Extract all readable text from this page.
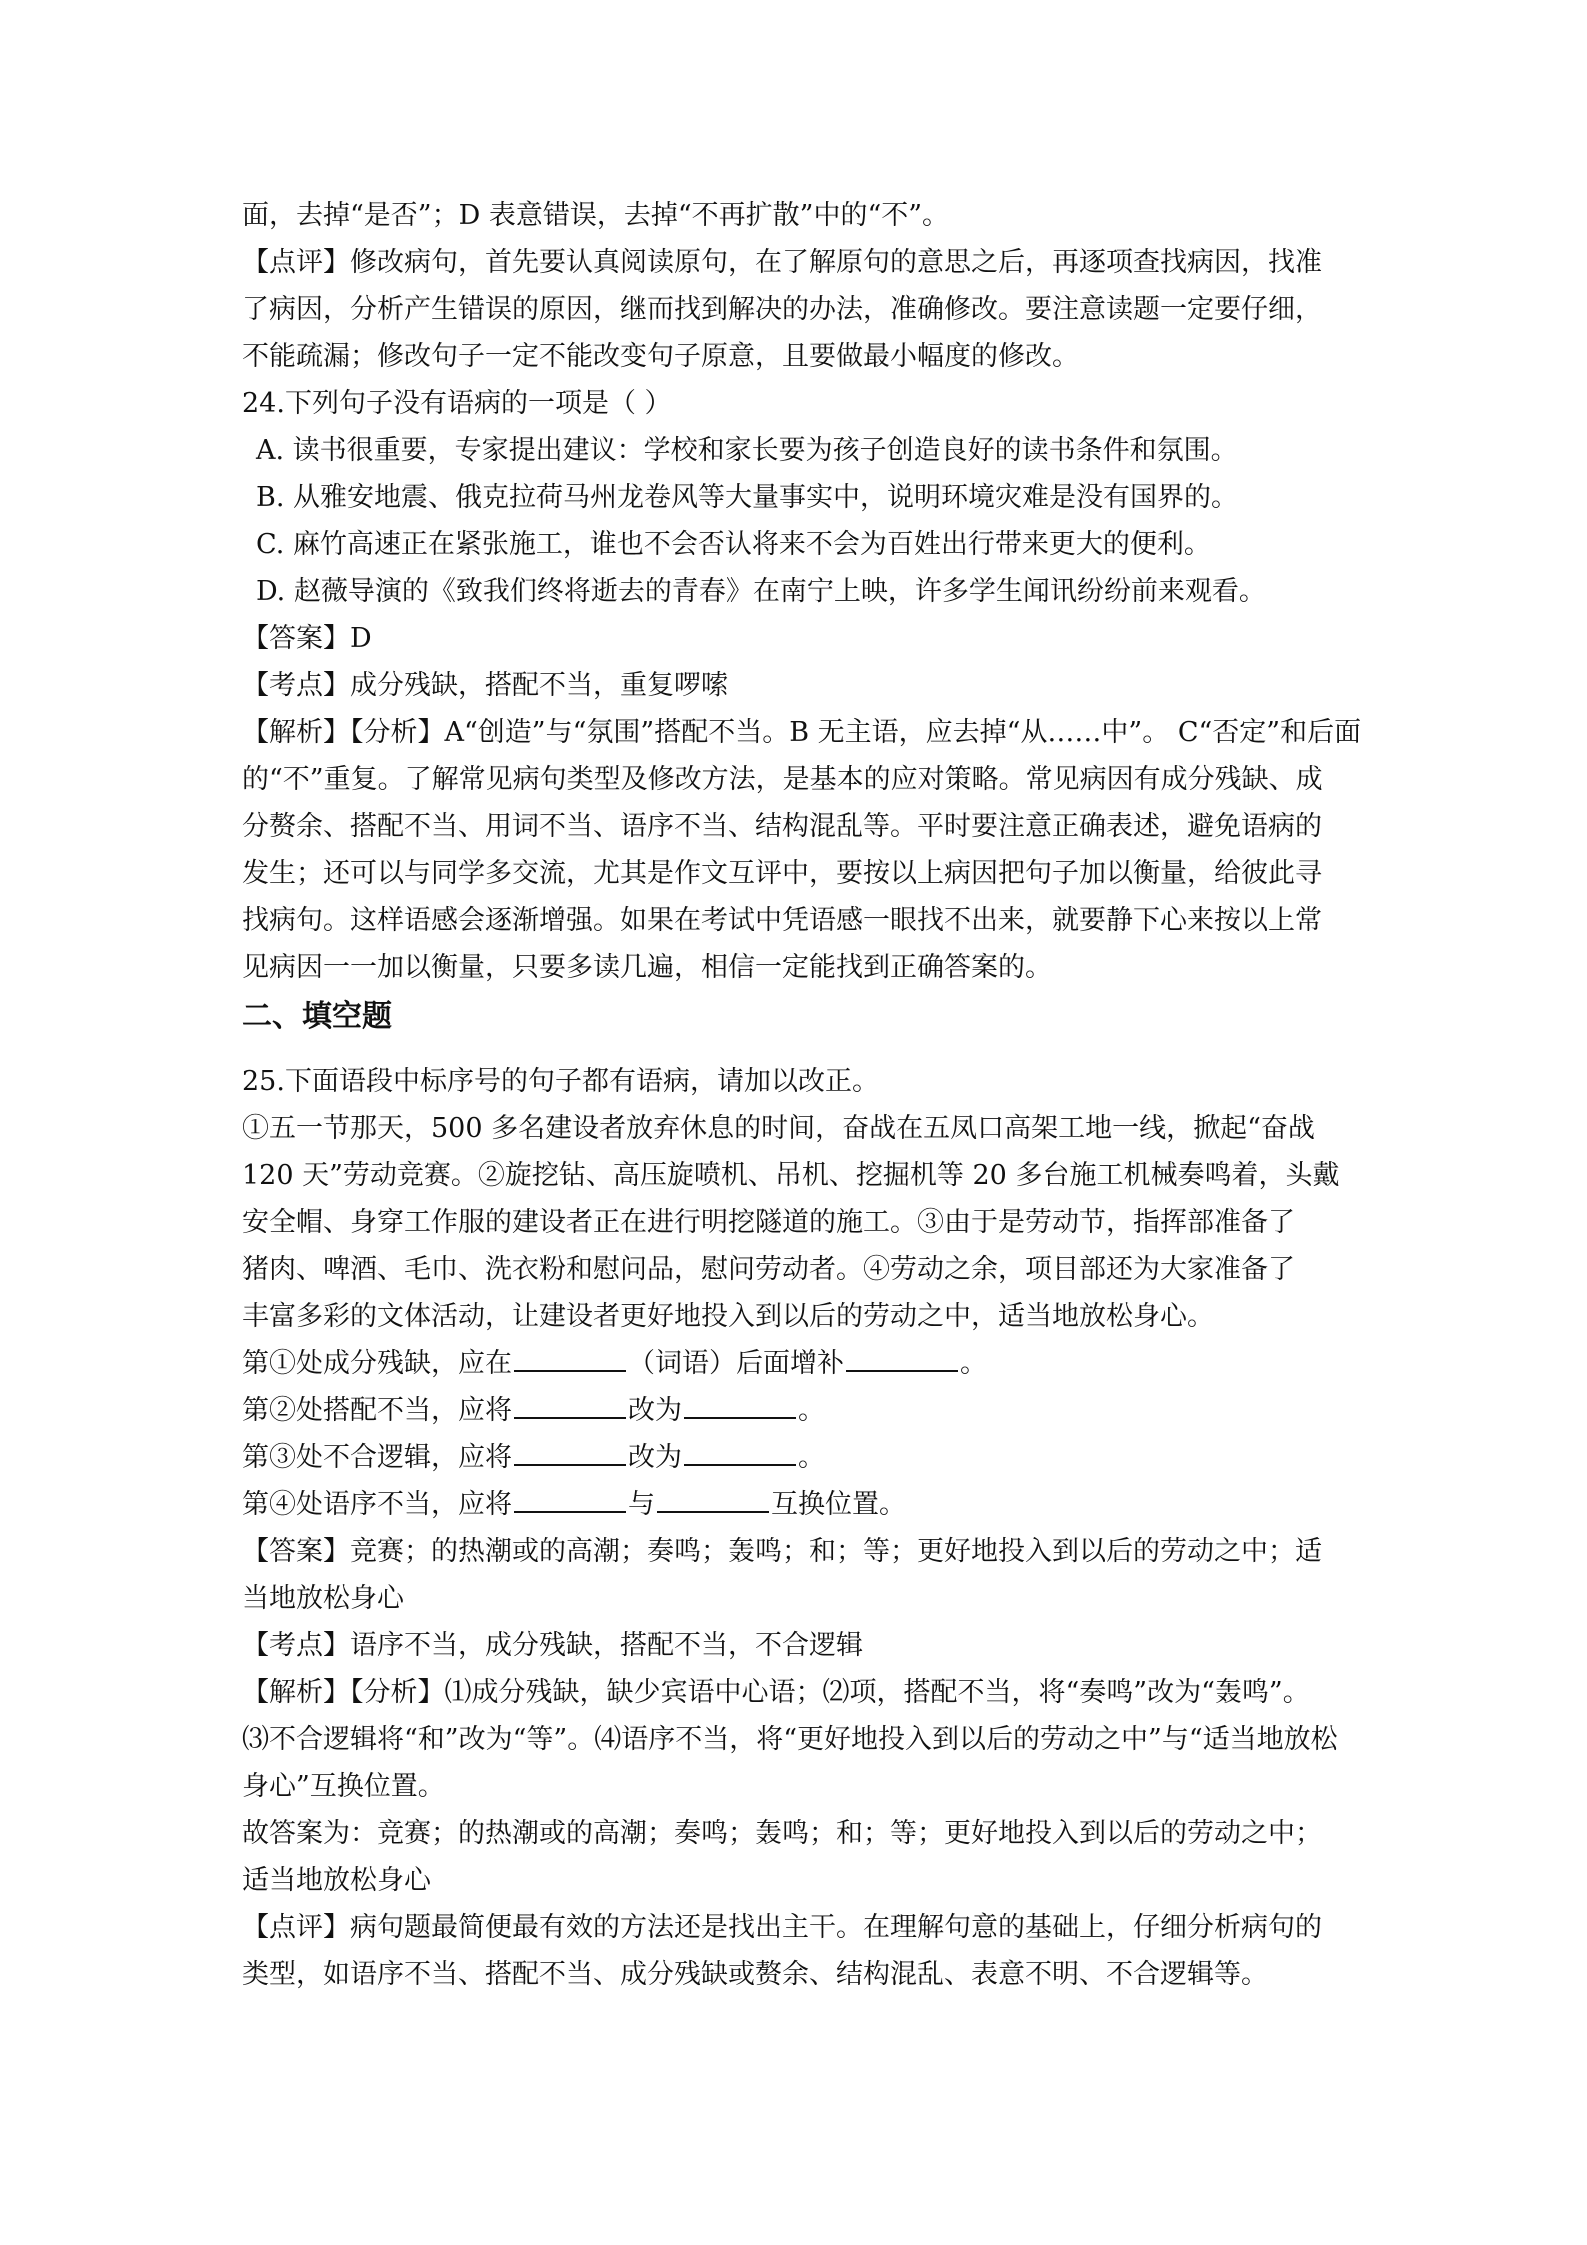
面，去掉“是否”；D 表意错误，去掉“不再扩散”中的“不”。
【点评】修改病句，首先要认真阅读原句，在了解原句的意思之后，再逐项查找病因，找准
了病因，分析产生错误的原因，继而找到解决的办法，准确修改。要注意读题一定要仔细，
不能疏漏；修改句子一定不能改变句子原意，且要做最小幅度的修改。
24.下列句子没有语病的一项是（ ）
A. 读书很重要，专家提出建议：学校和家长要为孩子创造良好的读书条件和氛围。
B. 从雅安地震、俄克拉荷马州龙卷风等大量事实中，说明环境灾难是没有国界的。
C. 麻竹高速正在紧张施工，谁也不会否认将来不会为百姓出行带来更大的便利。
D. 赵薇导演的《致我们终将逝去的青春》在南宁上映，许多学生闻讯纷纷前来观看。
【答案】D
【考点】成分残缺，搭配不当，重复啰嗦
【解析】【分析】A“创造”与“氛围”搭配不当。B 无主语，应去掉“从……中”。 C“否定”和后面
的“不”重复。了解常见病句类型及修改方法，是基本的应对策略。常见病因有成分残缺、成
分赘余、搭配不当、用词不当、语序不当、结构混乱等。平时要注意正确表述，避免语病的
发生；还可以与同学多交流，尤其是作文互评中，要按以上病因把句子加以衡量，给彼此寻
找病句。这样语感会逐渐增强。如果在考试中凭语感一眼找不出来，就要静下心来按以上常
见病因一一加以衡量，只要多读几遍，相信一定能找到正确答案的。
二、填空题
25.下面语段中标序号的句子都有语病，请加以改正。
①五一节那天，500 多名建设者放弃休息的时间，奋战在五凤口高架工地一线，掀起“奋战
120 天”劳动竞赛。②旋挖钻、高压旋喷机、吊机、挖掘机等 20 多台施工机械奏鸣着，头戴
安全帽、身穿工作服的建设者正在进行明挖隧道的施工。③由于是劳动节，指挥部准备了
猪肉、啤酒、毛巾、洗衣粉和慰问品，慰问劳动者。④劳动之余，项目部还为大家准备了
丰富多彩的文体活动，让建设者更好地投入到以后的劳动之中，适当地放松身心。
第①处成分残缺，应在	（词语）后面增补	。
第②处搭配不当，应将	改为	。
第③处不合逻辑，应将	改为	。
第④处语序不当，应将	与	互换位置。
【答案】竞赛；的热潮或的高潮；奏鸣；轰鸣；和；等；更好地投入到以后的劳动之中；适
当地放松身心
【考点】语序不当，成分残缺，搭配不当，不合逻辑
【解析】【分析】⑴成分残缺，缺少宾语中心语；⑵项，搭配不当，将“奏鸣”改为“轰鸣”。
⑶不合逻辑将“和”改为“等”。⑷语序不当，将“更好地投入到以后的劳动之中”与“适当地放松
身心”互换位置。
故答案为：竞赛；的热潮或的高潮；奏鸣；轰鸣；和；等；更好地投入到以后的劳动之中；
适当地放松身心
【点评】病句题最简便最有效的方法还是找出主干。在理解句意的基础上，仔细分析病句的
类型，如语序不当、搭配不当、成分残缺或赘余、结构混乱、表意不明、不合逻辑等。
